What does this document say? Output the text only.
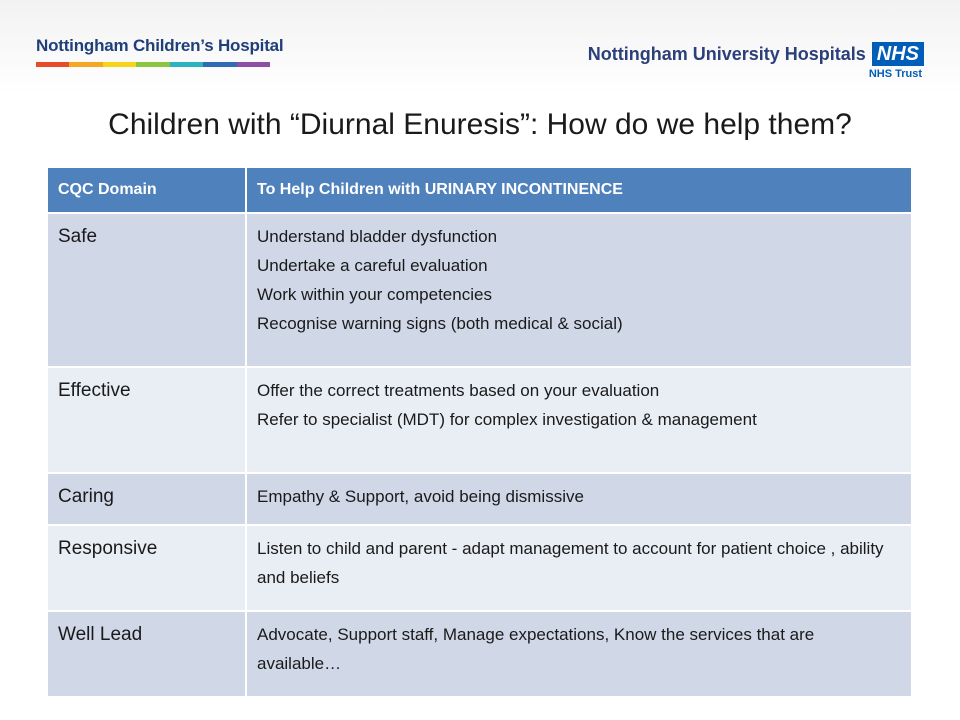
Nottingham Children’s Hospital	Nottingham University Hospitals NHS
NHS Trust
Children with “Diurnal Enuresis”: How do we help them?
CQC Domain	To Help Children with URINARY INCONTINENCE
Safe	Understand bladder dysfunction
Undertake a careful evaluation
Work within your competencies
Recognise warning signs (both medical & social)

Effective	Offer the correct treatments based on your evaluation
Refer to specialist (MDT) for complex investigation & management

Caring	Empathy & Support, avoid being dismissive

Responsive	Listen to child and parent - adapt management to account for patient choice , ability and beliefs

Well Lead	Advocate, Support staff, Manage expectations, Know the services that are available…
